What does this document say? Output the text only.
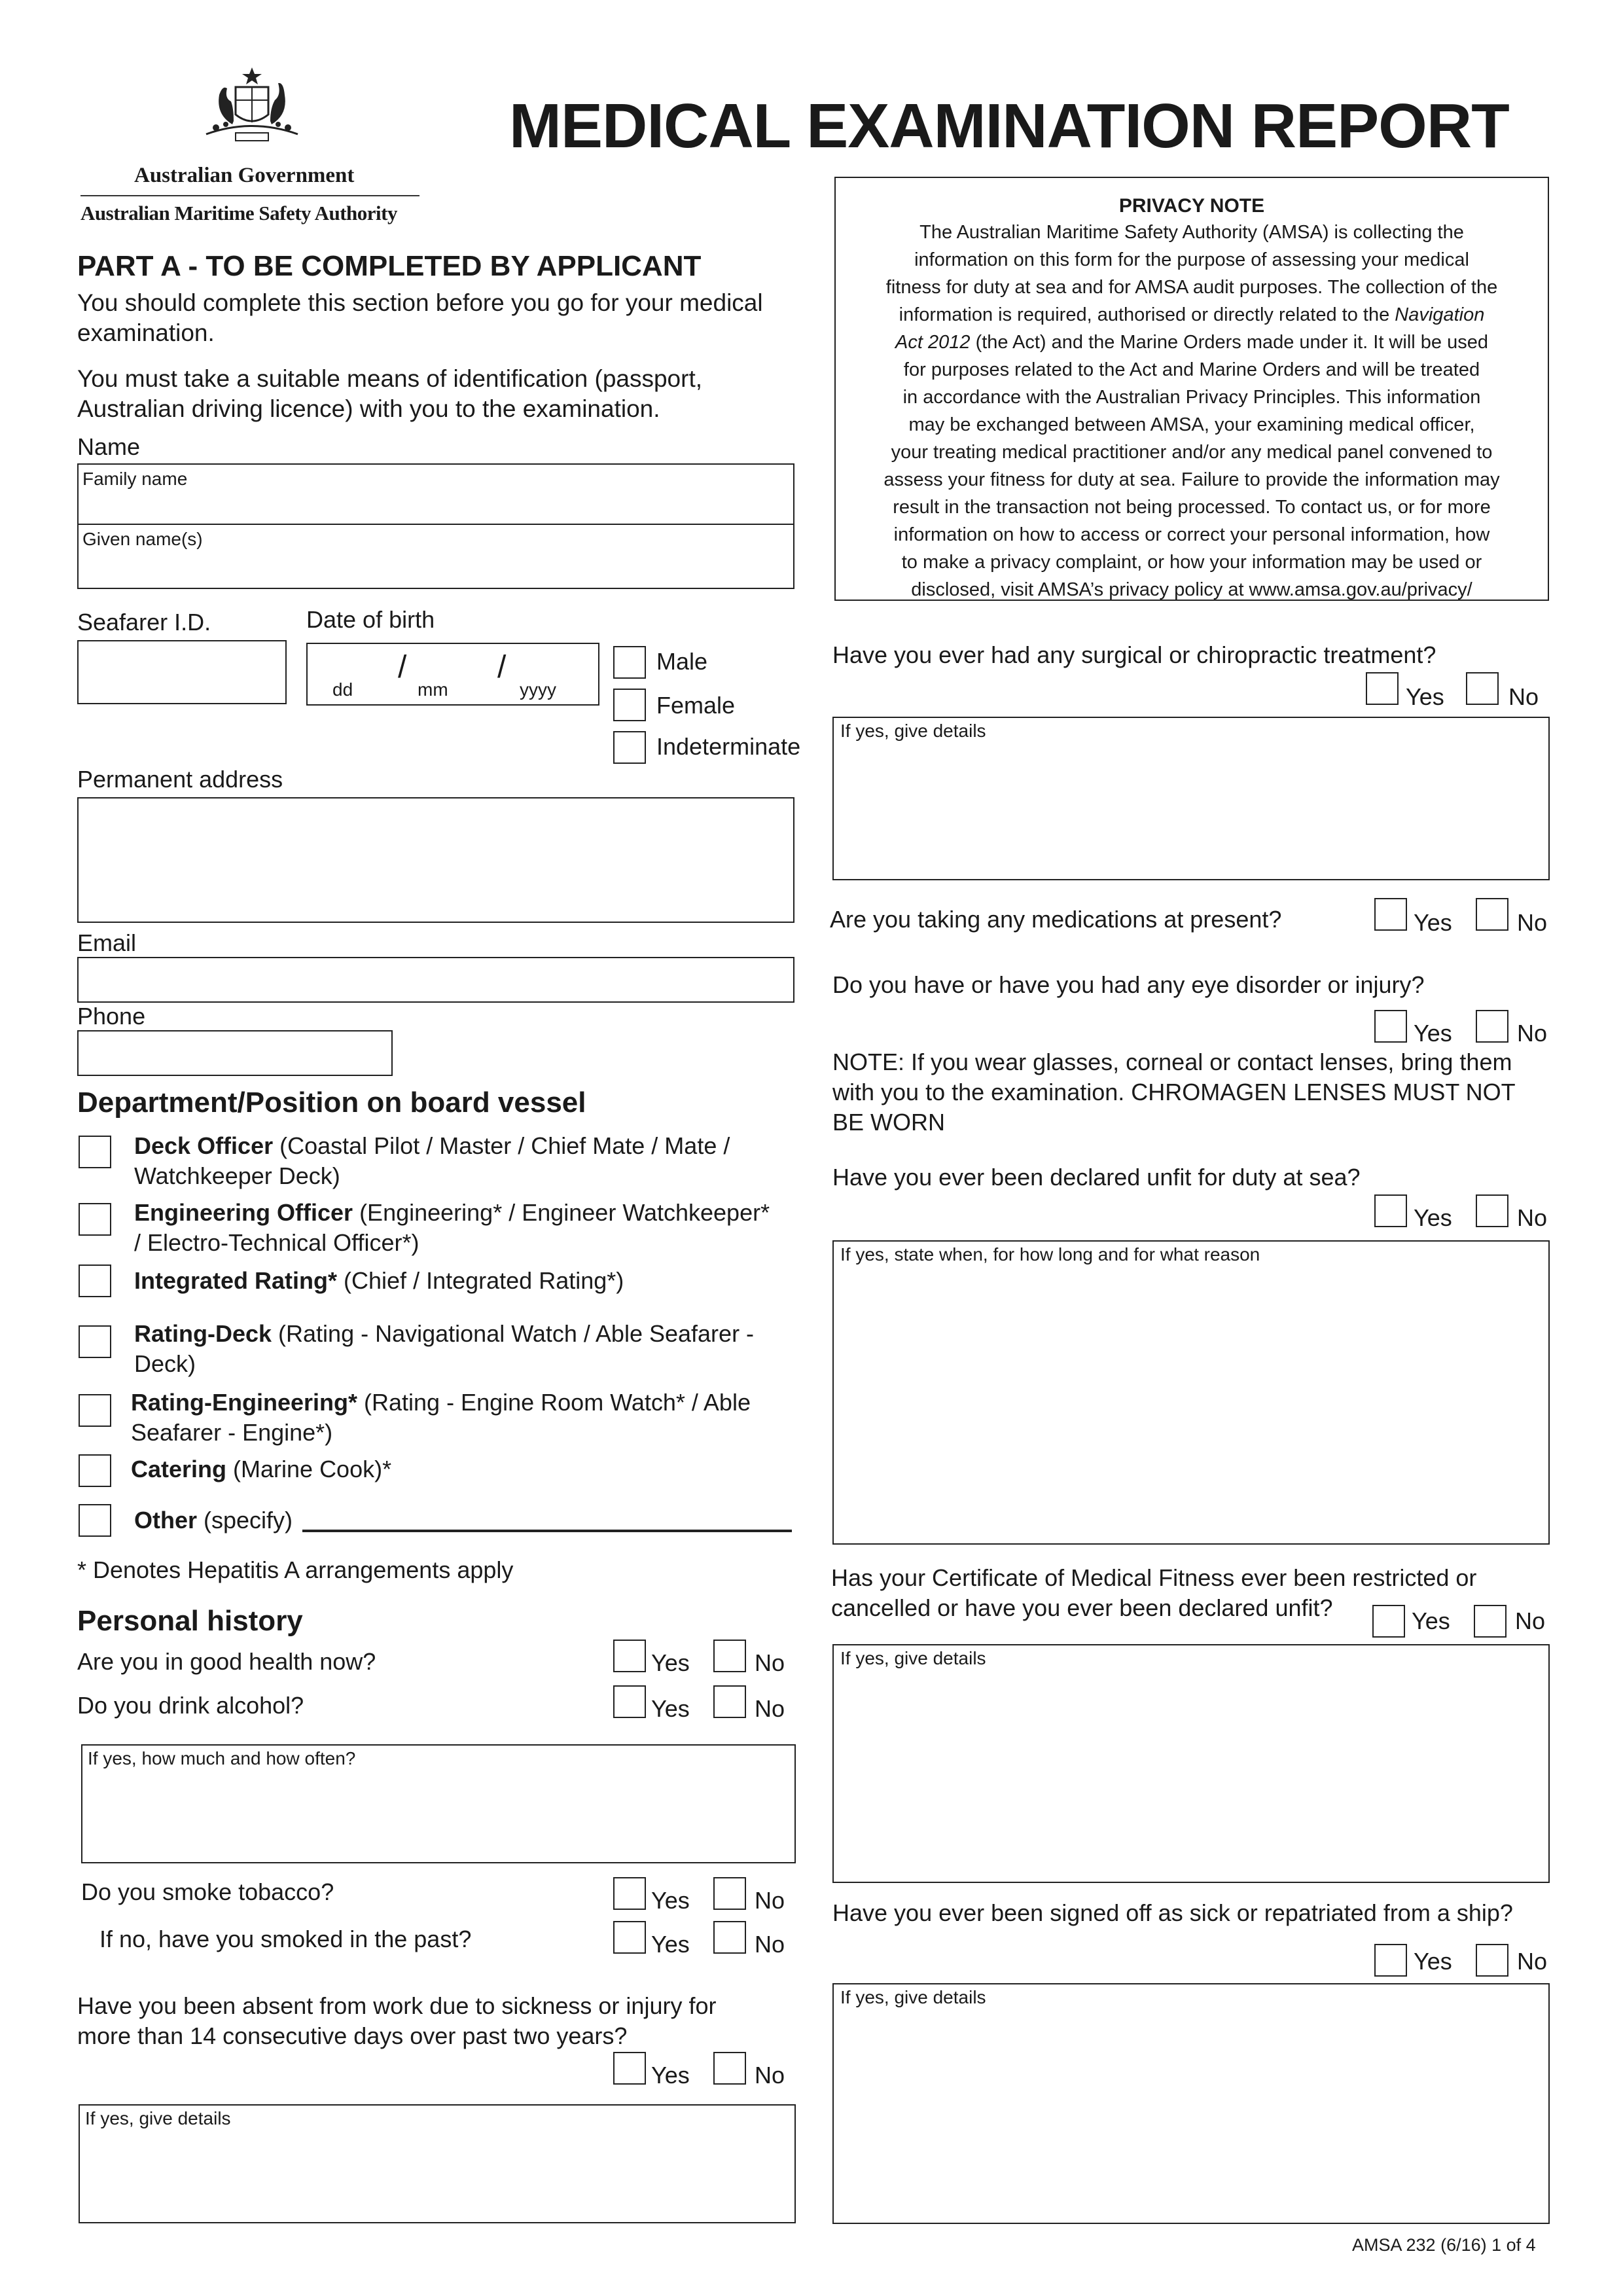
Australian Government
Australian Maritime Safety Authority
MEDICAL EXAMINATION REPORT
PRIVACY NOTE
The Australian Maritime Safety Authority (AMSA) is collecting the
information on this form for the purpose of assessing your medical
fitness for duty at sea and for AMSA audit purposes. The collection of the
information is required, authorised or directly related to the Navigation
Act 2012 (the Act) and the Marine Orders made under it. It will be used
for purposes related to the Act and Marine Orders and will be treated
in accordance with the Australian Privacy Principles. This information
may be exchanged between AMSA, your examining medical officer,
your treating medical practitioner and/or any medical panel convened to
assess your fitness for duty at sea. Failure to provide the information may
result in the transaction not being processed. To contact us, or for more
information on how to access or correct your personal information, how
to make a privacy complaint, or how your information may be used or
disclosed, visit AMSA’s privacy policy at www.amsa.gov.au/privacy/
PART A - TO BE COMPLETED BY APPLICANT
You should complete this section before you go for your medical
examination.
You must take a suitable means of identification (passport,
Australian driving licence) with you to the examination.
Name
Family name
Given name(s)
Seafarer I.D.	Date of birth
dd
/
mm
/
yyyy
Male
Female
Indeterminate
Permanent address
Email
Phone
Department/Position on board vessel
Deck Officer (Coastal Pilot / Master / Chief Mate / Mate /
Watchkeeper Deck)
Engineering Officer (Engineering* / Engineer Watchkeeper*
/ Electro-Technical Officer*)
Integrated Rating* (Chief / Integrated Rating*)
Rating-Deck (Rating - Navigational Watch / Able Seafarer -
Deck)
Rating-Engineering* (Rating - Engine Room Watch* / Able
Seafarer - Engine*)
Catering (Marine Cook)*
Other (specify)
* Denotes Hepatitis A arrangements apply
Personal history
Are you in good health now?	Yes	No
Do you drink alcohol?	Yes	No
If yes, how much and how often?
Do you smoke tobacco?	Yes	No
If no, have you smoked in the past?	Yes	No
Have you been absent from work due to sickness or injury for
more than 14 consecutive days over past two years?
Yes	No
If yes, give details
Have you ever had any surgical or chiropractic treatment?
Yes	No
If yes, give details
Are you taking any medications at present?	Yes	No
Do you have or have you had any eye disorder or injury?
Yes	No
NOTE: If you wear glasses, corneal or contact lenses, bring them
with you to the examination. CHROMAGEN LENSES MUST NOT
BE WORN
Have you ever been declared unfit for duty at sea?
Yes	No
If yes, state when, for how long and for what reason
Has your Certificate of Medical Fitness ever been restricted or
cancelled or have you ever been declared unfit?	Yes	No
If yes, give details
Have you ever been signed off as sick or repatriated from a ship?
Yes	No
If yes, give details
AMSA 232 (6/16) 1 of 4
